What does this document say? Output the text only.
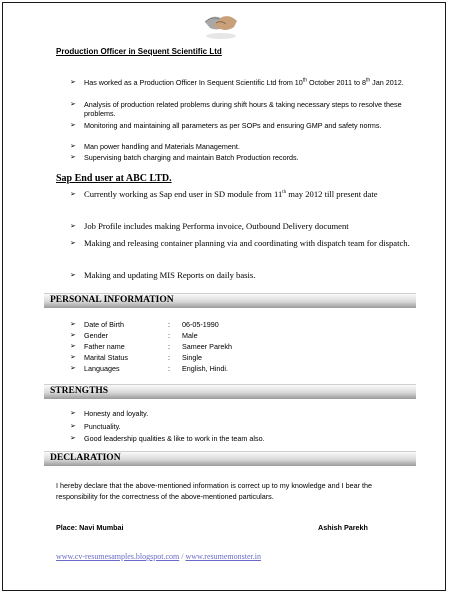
Production Officer in Sequent Scientific Ltd
➢	Has worked as a Production Officer In Sequent Scientific Ltd from 10th October 2011 to 8th Jan 2012.
➢	Analysis of production related problems during shift hours & taking necessary steps to resolve these problems.
➢	Monitoring and maintaining all parameters as per SOPs and ensuring GMP and safety norms.
➢	Man power handling and Materials Management.
➢	Supervising batch charging and maintain Batch Production records.
Sap End user at ABC LTD.
➢ Currently working as Sap end user in SD module from 11th may 2012 till present date
➢ Job Profile includes making Performa invoice, Outbound Delivery document
➢ Making and releasing container planning via and coordinating with dispatch team for dispatch.
➢ Making and updating MIS Reports on daily basis.
PERSONAL INFORMATION
➢ Date of Birth	: 06-05-1990
➢ Gender	: Male
➢ Father name	: Sameer Parekh
➢ Marital Status	: Single
➢ Languages	: English, Hindi.
STRENGTHS
➢ Honesty and loyalty.
➢ Punctuality.
➢ Good leadership qualities & like to work in the team also.
DECLARATION
I hereby declare that the above-mentioned information is correct up to my knowledge and I bear the responsibility for the correctness of the above-mentioned particulars.
Place: Navi Mumbai	Ashish Parekh
www.cv-resumesamples.blogspot.com / www.resumemonster.in
